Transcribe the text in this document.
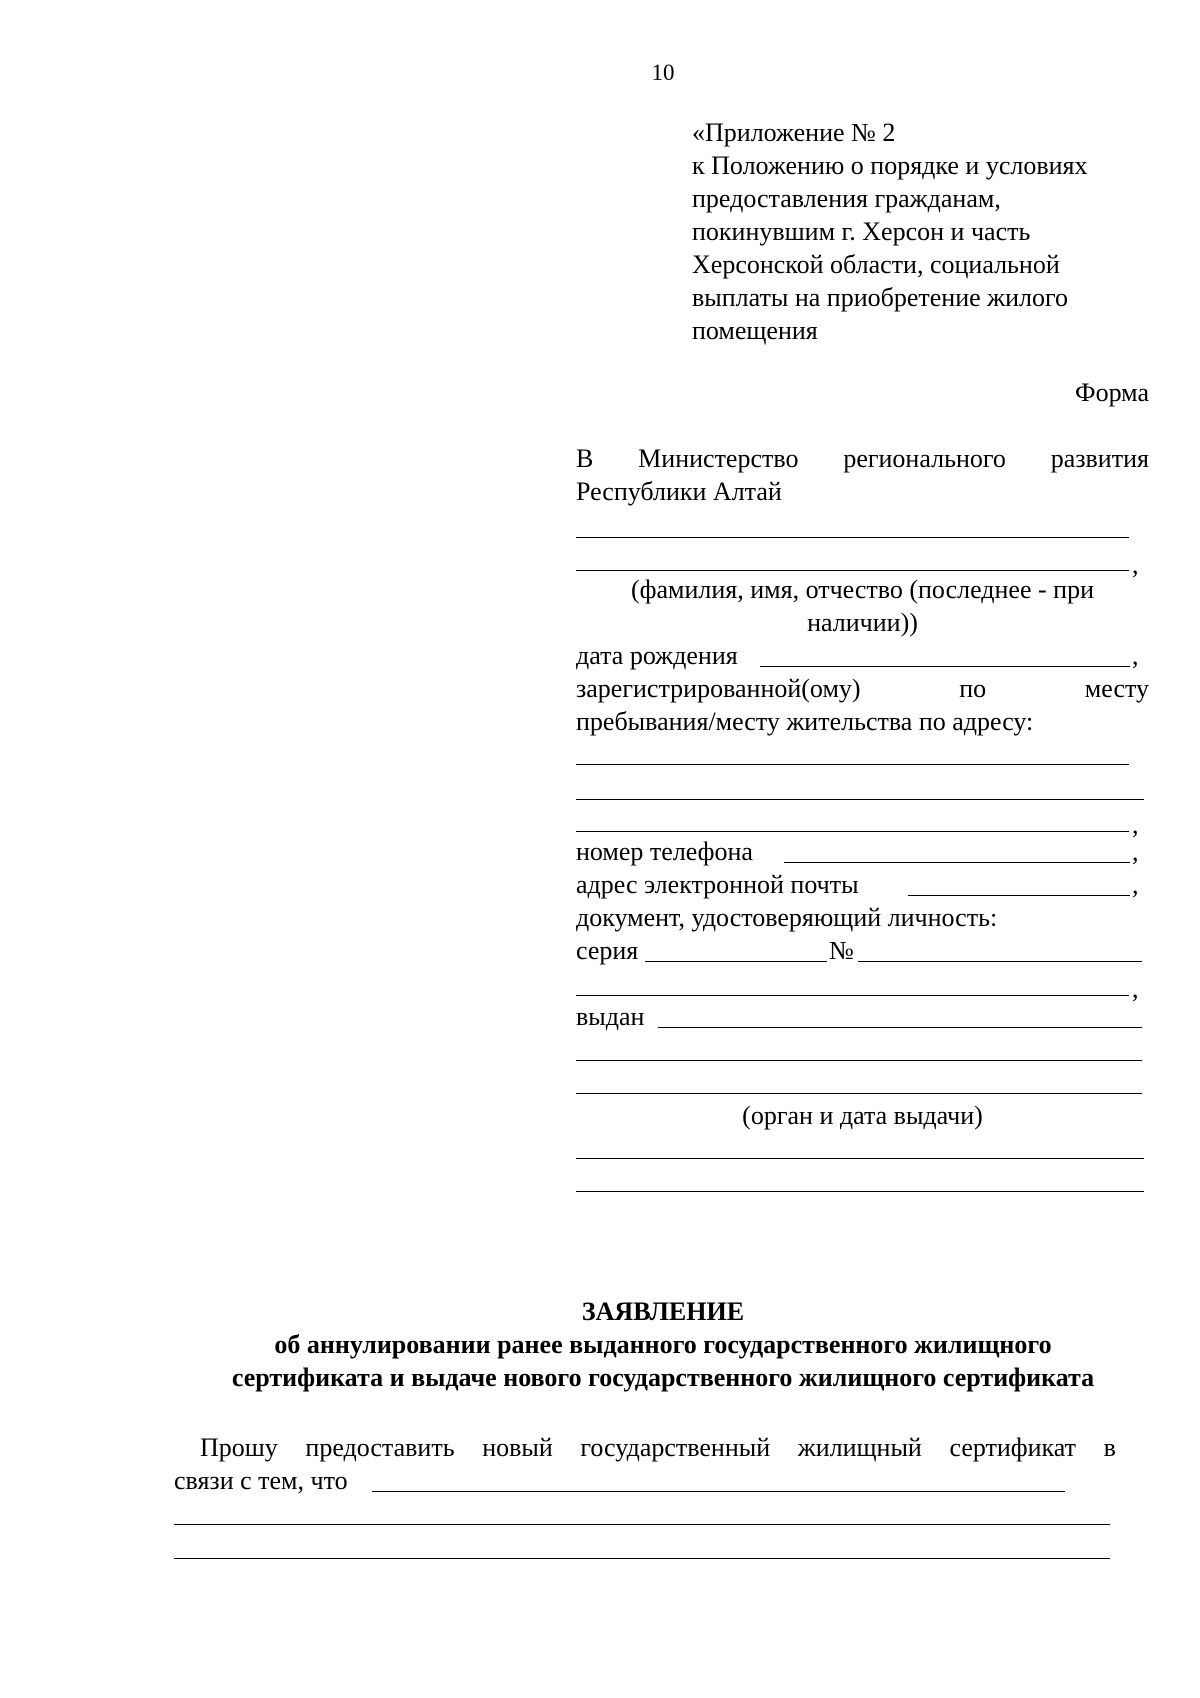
10
«Приложение № 2
к Положению о порядке и условиях
предоставления гражданам,
покинувшим г. Херсон и часть
Херсонской области, социальной
выплаты на приобретение жилого
помещения
Форма
В Министерство регионального развития
Республики Алтай
,
(фамилия, имя, отчество (последнее - при
наличии))
дата рождения	,
зарегистрированной(ому)	по	месту
пребывания/месту жительства по адресу:
,
номер телефона	,
адрес электронной почты	,
документ, удостоверяющий личность:
серия	№
,
выдан
(орган и дата выдачи)
ЗАЯВЛЕНИЕ
об аннулировании ранее выданного государственного жилищного
сертификата и выдаче нового государственного жилищного сертификата
Прошу предоставить новый государственный жилищный сертификат в
связи с тем, что
